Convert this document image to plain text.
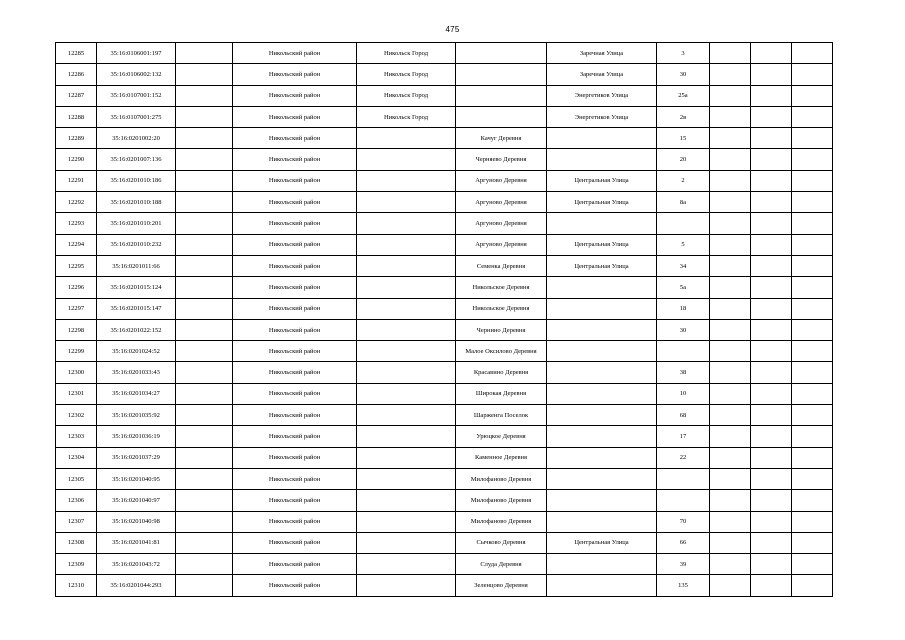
475
12285	35:16:0106001:197		Никольский район	Никольск Город		Заречная Улица	3			
12286	35:16:0106002:132		Никольский район	Никольск Город		Заречная Улица	30			
12287	35:16:0107001:152		Никольский район	Никольск Город		Энергетиков Улица	25а			
12288	35:16:0107001:275		Никольский район	Никольск Город		Энергетиков Улица	2в			
12289	35:16:0201002:20		Никольский район		Качуг Деревня		15			
12290	35:16:0201007:136		Никольский район		Черняево Деревня		20			
12291	35:16:0201010:186		Никольский район		Аргуново Деревня	Центральная Улица	2			
12292	35:16:0201010:188		Никольский район		Аргуново Деревня	Центральная Улица	8а			
12293	35:16:0201010:201		Никольский район		Аргуново Деревня					
12294	35:16:0201010:232		Никольский район		Аргуново Деревня	Центральная Улица	5			
12295	35:16:0201011:66		Никольский район		Семенка Деревня	Центральная Улица	34			
12296	35:16:0201015:124		Никольский район		Никольское Деревня		5а			
12297	35:16:0201015:147		Никольский район		Никольское Деревня		18			
12298	35:16:0201022:152		Никольский район		Чернино Деревня		30			
12299	35:16:0201024:52		Никольский район		Малое Оксилово Деревня					
12300	35:16:0201033:43		Никольский район		Красавино Деревня		38			
12301	35:16:0201034:27		Никольский район		Широкая Деревня		10			
12302	35:16:0201035:92		Никольский район		Шарженга Поселок		68			
12303	35:16:0201036:19		Никольский район		Урюцкое Деревня		17			
12304	35:16:0201037:29		Никольский район		Каменное Деревня		22			
12305	35:16:0201040:95		Никольский район		Милофаново Деревня					
12306	35:16:0201040:97		Никольский район		Милофаново Деревня					
12307	35:16:0201040:98		Никольский район		Милофаново Деревня		70			
12308	35:16:0201041:81		Никольский район		Сычково Деревня	Центральная Улица	66			
12309	35:16:0201043:72		Никольский район		Слуда Деревня		39			
12310	35:16:0201044:293		Никольский район		Зеленцово Деревня		135			
